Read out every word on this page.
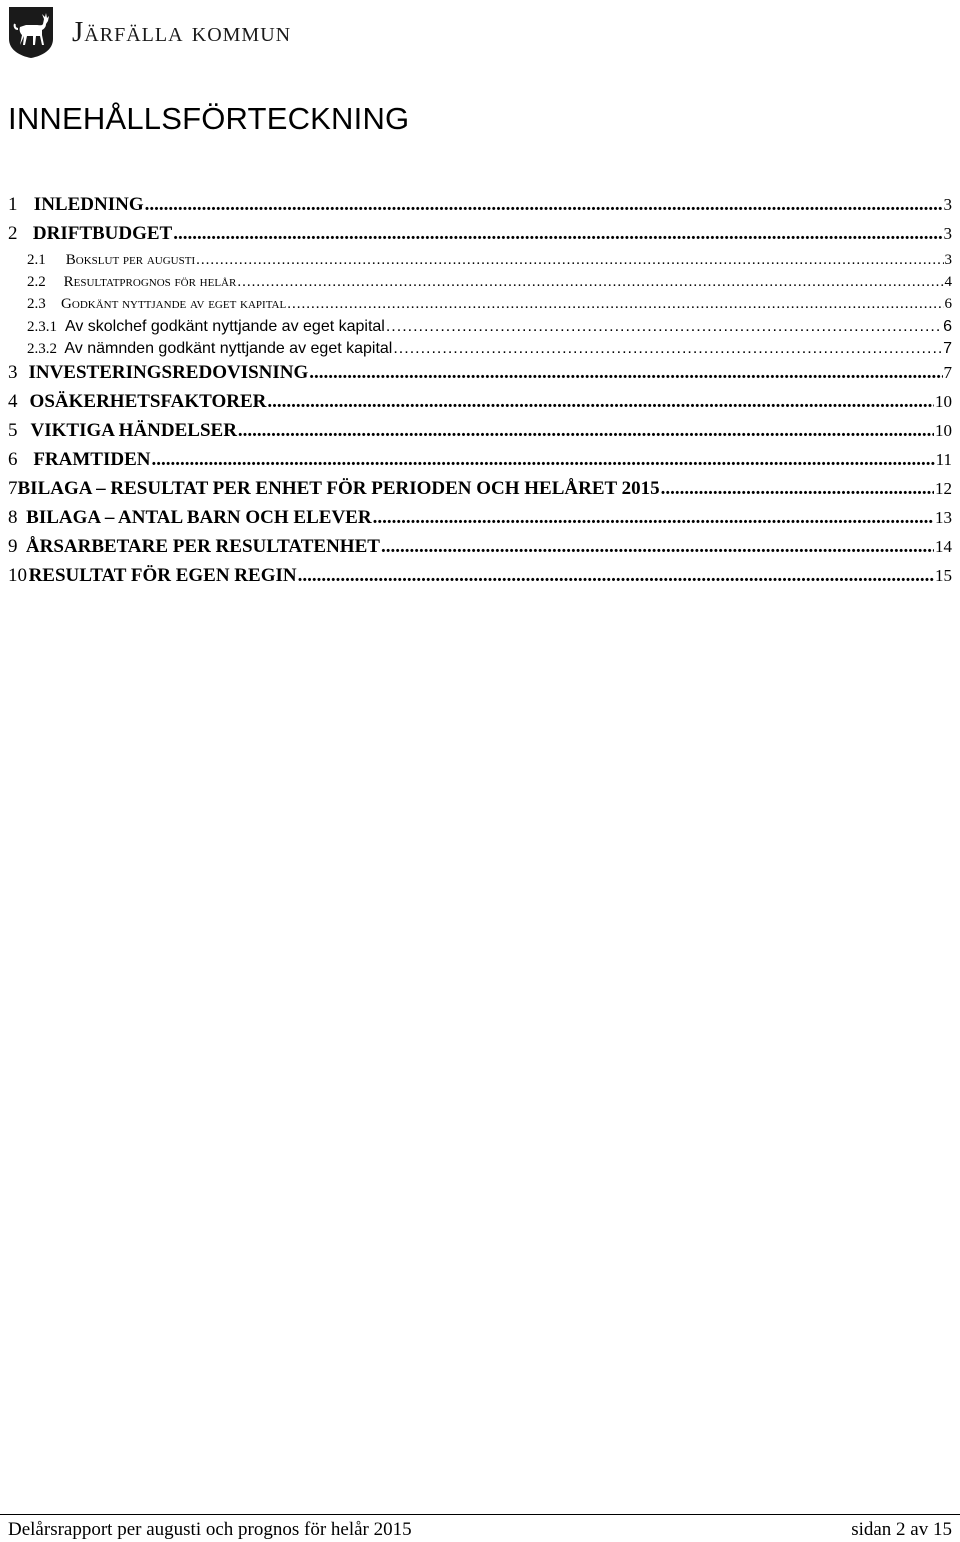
Järfälla kommun
INNEHÅLLSFÖRTECKNING
1 INLEDNING .....	3
2 DRIFTBUDGET .....	3
2.1	Bokslut per augusti .....	3
2.2	Resultatprognos för helår .....	4
2.3	Godkänt nyttjande av eget kapital .....	6
2.3.1 Av skolchef godkänt nyttjande av eget kapital .....	6
2.3.2 Av nämnden godkänt nyttjande av eget kapital .....	7
3 INVESTERINGSREDOVISNING .....	7
4 OSÄKERHETSFAKTORER .....	10
5 VIKTIGA HÄNDELSER .....	10
6 FRAMTIDEN .....	11
7 BILAGA – RESULTAT PER ENHET FÖR PERIODEN OCH HELÅRET 2015 .....	12
8 BILAGA – ANTAL BARN OCH ELEVER .....	13
9 ÅRSARBETARE PER RESULTATENHET .....	14
10 RESULTAT FÖR EGEN REGIN .....	15
Delårsrapport per augusti och prognos för helår 2015	sidan 2 av 15
